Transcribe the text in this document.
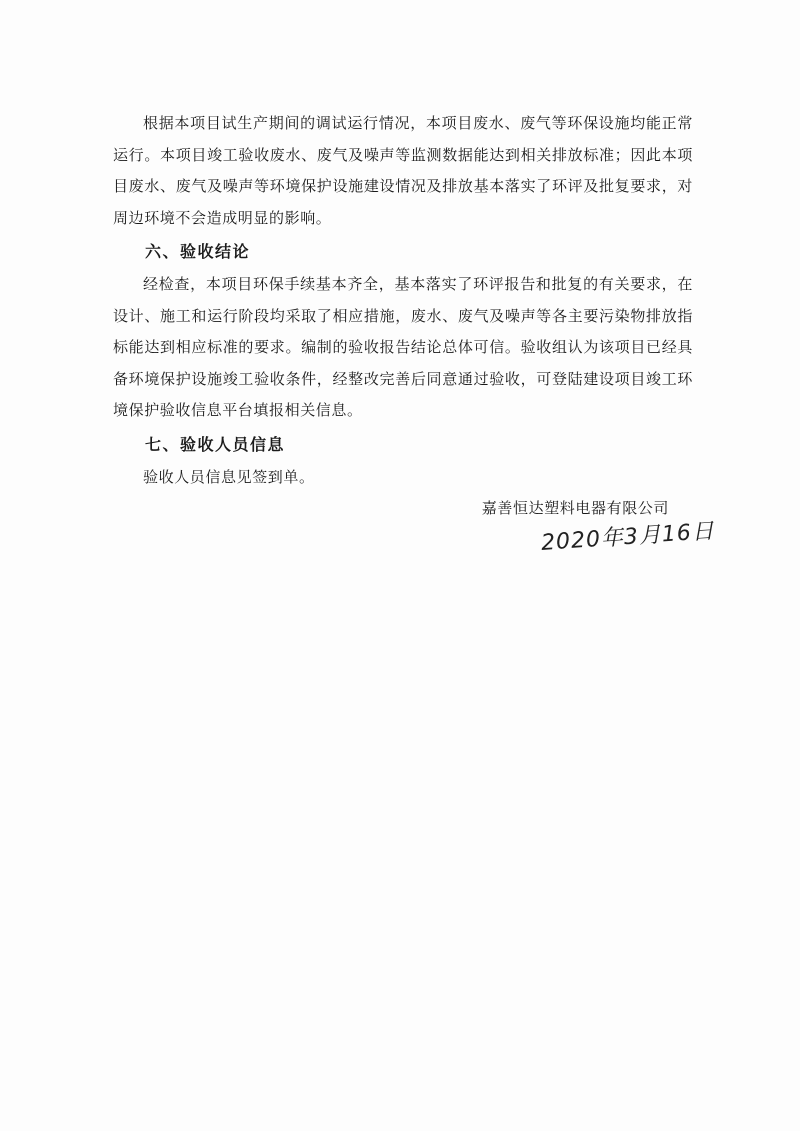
根据本项目试生产期间的调试运行情况，本项目废水、废气等环保设施均能正常运行。本项目竣工验收废水、废气及噪声等监测数据能达到相关排放标准；因此本项目废水、废气及噪声等环境保护设施建设情况及排放基本落实了环评及批复要求，对周边环境不会造成明显的影响。

六、验收结论

经检查，本项目环保手续基本齐全，基本落实了环评报告和批复的有关要求，在设计、施工和运行阶段均采取了相应措施，废水、废气及噪声等各主要污染物排放指标能达到相应标准的要求。编制的验收报告结论总体可信。验收组认为该项目已经具备环境保护设施竣工验收条件，经整改完善后同意通过验收，可登陆建设项目竣工环境保护验收信息平台填报相关信息。

七、验收人员信息

验收人员信息见签到单。

嘉善恒达塑料电器有限公司
2020年3月16日
